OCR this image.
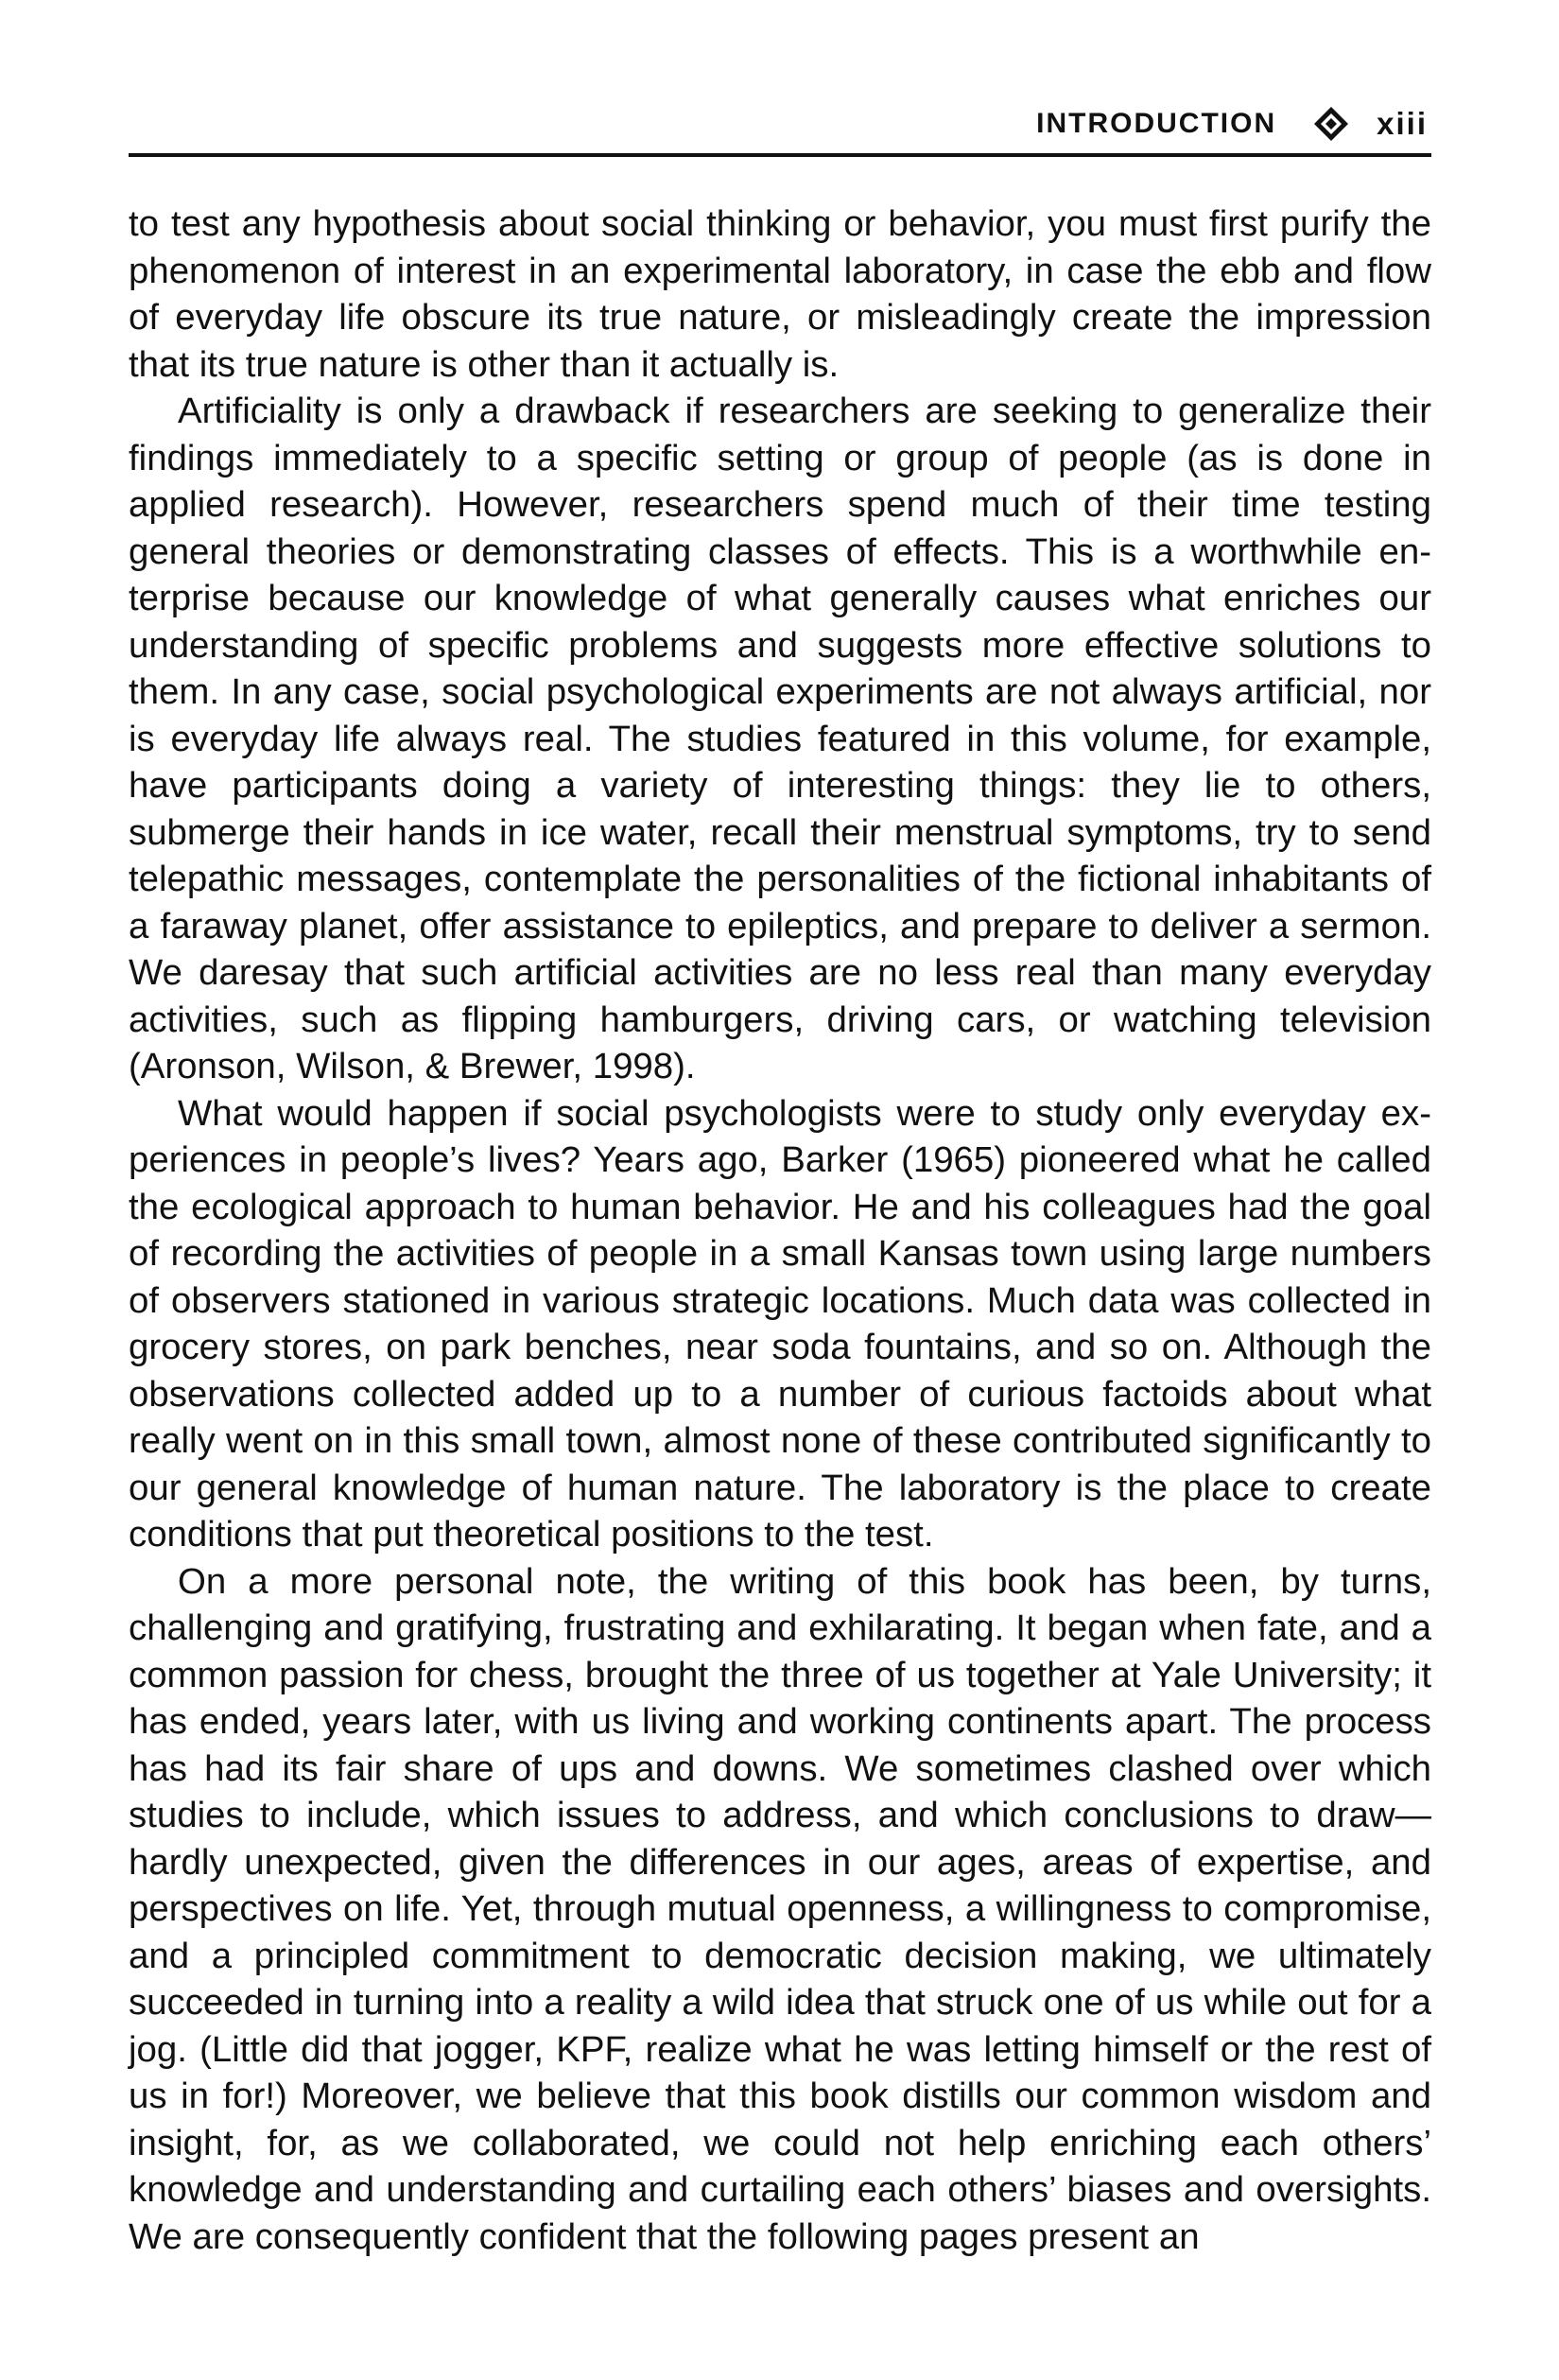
INTRODUCTION	xiii

to test any hypothesis about social thinking or behavior, you must first purify the phenomenon of interest in an experimental laboratory, in case the ebb and flow of everyday life obscure its true nature, or misleadingly create the impression that its true nature is other than it actually is.

Artificiality is only a drawback if researchers are seeking to generalize their findings immediately to a specific setting or group of people (as is done in applied research). However, researchers spend much of their time testing general theories or demonstrating classes of effects. This is a worthwhile enterprise because our knowledge of what generally causes what enriches our understanding of specific problems and suggests more effective solutions to them. In any case, social psychological experiments are not always artificial, nor is everyday life always real. The studies featured in this volume, for example, have participants doing a variety of interesting things: they lie to others, submerge their hands in ice water, recall their menstrual symptoms, try to send telepathic messages, contemplate the personalities of the fictional inhabitants of a faraway planet, offer assistance to epileptics, and prepare to deliver a sermon. We daresay that such artificial activities are no less real than many everyday activities, such as flipping hamburgers, driving cars, or watching television (Aronson, Wilson, & Brewer, 1998).

What would happen if social psychologists were to study only everyday experiences in people’s lives? Years ago, Barker (1965) pioneered what he called the ecological approach to human behavior. He and his colleagues had the goal of recording the activities of people in a small Kansas town using large numbers of observers stationed in various strategic locations. Much data was collected in grocery stores, on park benches, near soda fountains, and so on. Although the observations collected added up to a number of curious factoids about what really went on in this small town, almost none of these contributed significantly to our general knowledge of human nature. The laboratory is the place to create conditions that put theoretical positions to the test.

On a more personal note, the writing of this book has been, by turns, challenging and gratifying, frustrating and exhilarating. It began when fate, and a common passion for chess, brought the three of us together at Yale University; it has ended, years later, with us living and working continents apart. The process has had its fair share of ups and downs. We sometimes clashed over which studies to include, which issues to address, and which conclusions to draw—hardly unexpected, given the differences in our ages, areas of expertise, and perspectives on life. Yet, through mutual openness, a willingness to compromise, and a principled commitment to democratic decision making, we ultimately succeeded in turning into a reality a wild idea that struck one of us while out for a jog. (Little did that jogger, KPF, realize what he was letting himself or the rest of us in for!) Moreover, we believe that this book distills our common wisdom and insight, for, as we collaborated, we could not help enriching each others’ knowledge and understanding and curtailing each others’ biases and oversights. We are consequently confident that the following pages present an
